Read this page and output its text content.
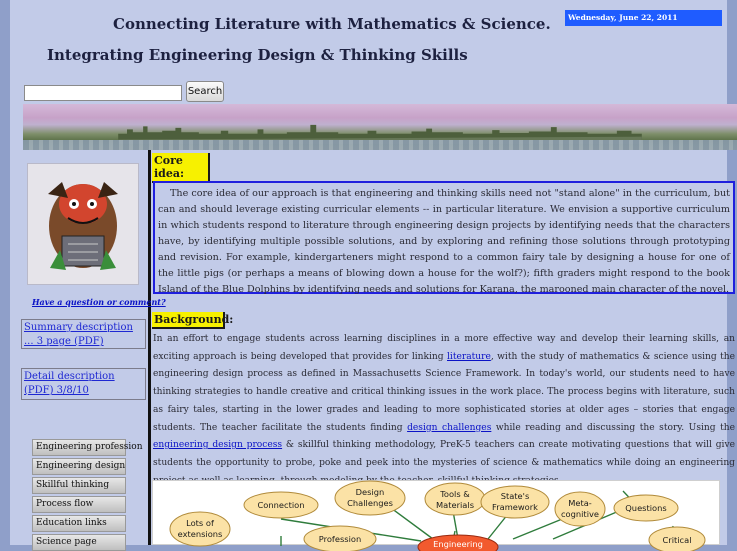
Connecting Literature with Mathematics & Science.
Integrating Engineering Design & Thinking Skills
Wednesday, June 22, 2011
Search
Have a question or comment?
Summary description ... 3 page (PDF)
Detail description (PDF) 3/8/10
Engineering profession
Engineering design
Skillful thinking
Process flow
Education links
Science page
Core idea:

The core idea of our approach is that engineering and thinking skills need not "stand alone" in the curriculum, but can and should leverage existing curricular elements -- in particular literature. We envision a supportive curriculum in which students respond to literature through engineering design projects by identifying needs that the characters have, by identifying multiple possible solutions, and by exploring and refining those solutions through prototyping and revision. For example, kindergarteners might respond to a common fairy tale by designing a house for one of the little pigs (or perhaps a means of blowing down a house for the wolf?); fifth graders might respond to the book Island of the Blue Dolphins by identifying needs and solutions for Karana, the marooned main character of the novel.

Background:
In an effort to engage students across learning disciplines in a more effective way and develop their learning skills, an exciting approach is being developed that provides for linking literature, with the study of mathematics & science using the engineering design process as defined in Massachusetts Science Framework. In today's world, our students need to have thinking strategies to handle creative and critical thinking issues in the work place. The process begins with literature, such as fairy tales, starting in the lower grades and leading to more sophisticated stories at older ages – stories that engage students. The teacher facilitate the students finding design challenges while reading and discussing the story. Using the engineering design process & skillful thinking methodology, PreK-5 teachers can create motivating questions that will give students the opportunity to probe, poke and peek into the mysteries of science & mathematics while doing an engineering
Lots of
extensions
Connection
Profession
Design
Challenges
Engineering
Tools &
Materials
State's
Framework	Meta-
cognitive
Questions
Critical
